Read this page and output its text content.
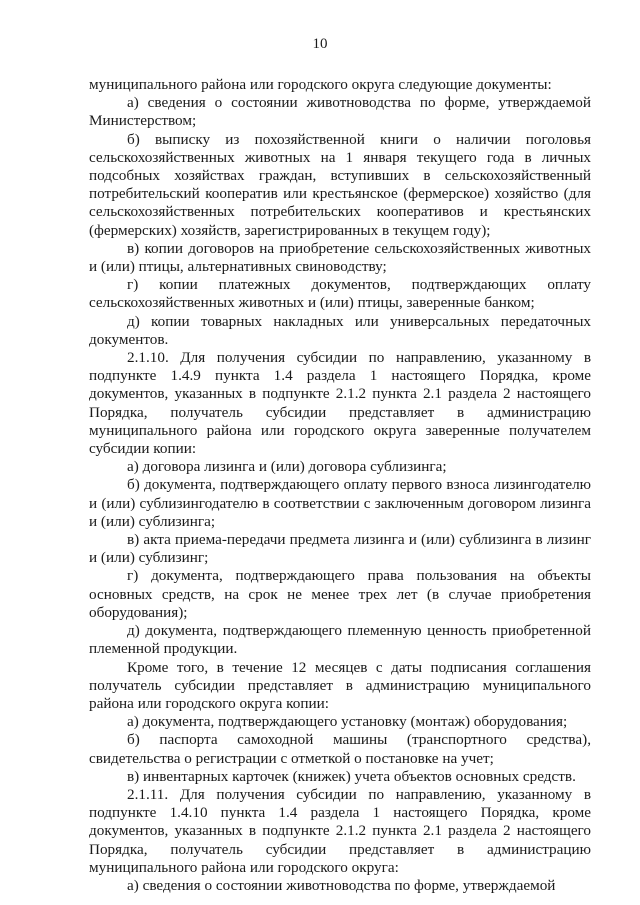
10

муниципального района или городского округа следующие документы:

а) сведения о состоянии животноводства по форме, утверждаемой Министерством;

б) выписку из похозяйственной книги о наличии поголовья сельскохозяйственных животных на 1 января текущего года в личных подсобных хозяйствах граждан, вступивших в сельскохозяйственный потребительский кооператив или крестьянское (фермерское) хозяйство (для сельскохозяйственных потребительских кооперативов и крестьянских (фермерских) хозяйств, зарегистрированных в текущем году);

в) копии договоров на приобретение сельскохозяйственных животных и (или) птицы, альтернативных свиноводству;

г) копии платежных документов, подтверждающих оплату сельскохозяйственных животных и (или) птицы, заверенные банком;

д) копии товарных накладных или универсальных передаточных документов.

2.1.10. Для получения субсидии по направлению, указанному в подпункте 1.4.9 пункта 1.4 раздела 1 настоящего Порядка, кроме документов, указанных в подпункте 2.1.2 пункта 2.1 раздела 2 настоящего Порядка, получатель субсидии представляет в администрацию муниципального района или городского округа заверенные получателем субсидии копии:

а) договора лизинга и (или) договора сублизинга;

б) документа, подтверждающего оплату первого взноса лизингодателю и (или) сублизингодателю в соответствии с заключенным договором лизинга и (или) сублизинга;

в) акта приема-передачи предмета лизинга и (или) сублизинга в лизинг и (или) сублизинг;

г) документа, подтверждающего права пользования на объекты основных средств, на срок не менее трех лет (в случае приобретения оборудования);

д) документа, подтверждающего племенную ценность приобретенной племенной продукции.

Кроме того, в течение 12 месяцев с даты подписания соглашения получатель субсидии представляет в администрацию муниципального района или городского округа копии:

а) документа, подтверждающего установку (монтаж) оборудования;

б) паспорта самоходной машины (транспортного средства), свидетельства о регистрации с отметкой о постановке на учет;

в) инвентарных карточек (книжек) учета объектов основных средств.

2.1.11. Для получения субсидии по направлению, указанному в подпункте 1.4.10 пункта 1.4 раздела 1 настоящего Порядка, кроме документов, указанных в подпункте 2.1.2 пункта 2.1 раздела 2 настоящего Порядка, получатель субсидии представляет в администрацию муниципального района или городского округа:

а) сведения о состоянии животноводства по форме, утверждаемой
